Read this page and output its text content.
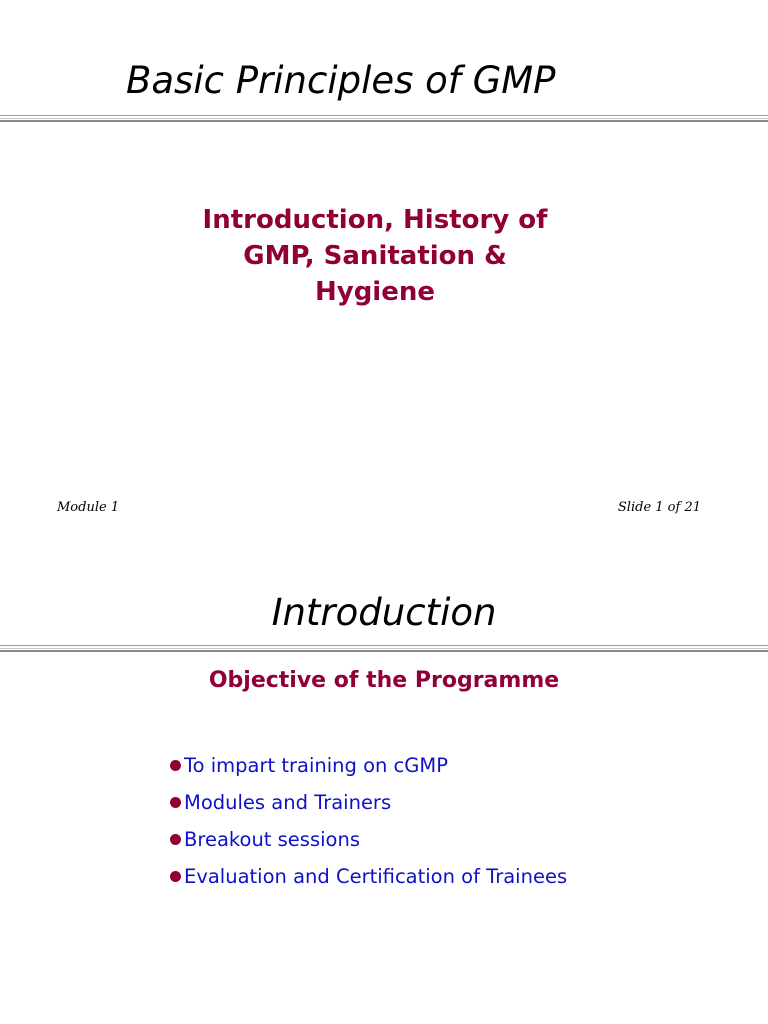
Basic Principles of GMP
Introduction, History of
GMP, Sanitation &
Hygiene
Module 1	Slide 1 of 21
Introduction
Objective of the Programme
To impart training on cGMP
Modules and Trainers
Breakout sessions
Evaluation and Certification of Trainees
